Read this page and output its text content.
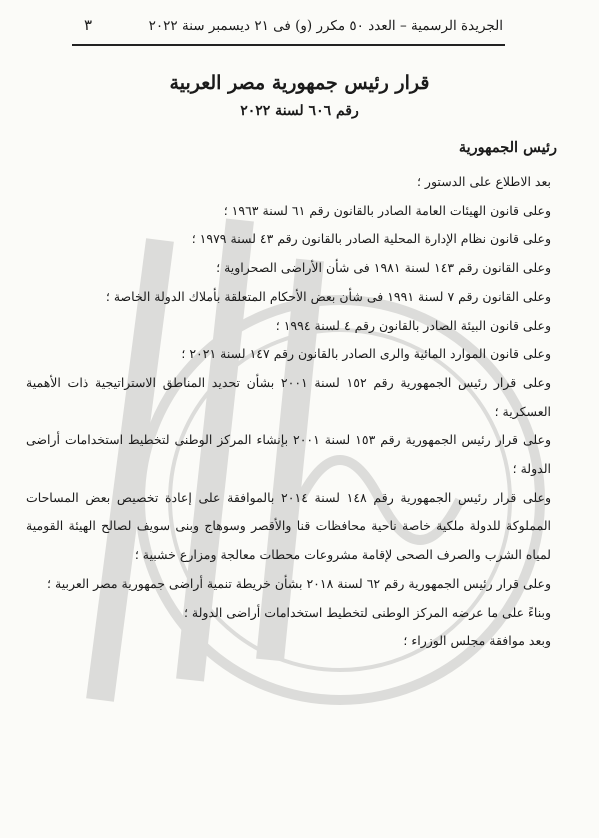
الجريدة الرسمية – العدد ٥٠ مكرر (و) فى ٢١ ديسمبر سنة ٢٠٢٢
٣
قرار رئيس جمهورية مصر العربية
رقم ٦٠٦ لسنة ٢٠٢٢
رئيس الجمهورية

بعد الاطلاع على الدستور ؛

وعلى قانون الهيئات العامة الصادر بالقانون رقم ٦١ لسنة ١٩٦٣ ؛

وعلى قانون نظام الإدارة المحلية الصادر بالقانون رقم ٤٣ لسنة ١٩٧٩ ؛

وعلى القانون رقم ١٤٣ لسنة ١٩٨١ فى شأن الأراضى الصحراوية ؛

وعلى القانون رقم ٧ لسنة ١٩٩١ فى شأن بعض الأحكام المتعلقة بأملاك الدولة الخاصة ؛

وعلى قانون البيئة الصادر بالقانون رقم ٤ لسنة ١٩٩٤ ؛

وعلى قانون الموارد المائية والرى الصادر بالقانون رقم ١٤٧ لسنة ٢٠٢١ ؛

وعلى قرار رئيس الجمهورية رقم ١٥٢ لسنة ٢٠٠١ بشأن تحديد المناطق الاستراتيجية ذات الأهمية العسكرية ؛

وعلى قرار رئيس الجمهورية رقم ١٥٣ لسنة ٢٠٠١ بإنشاء المركز الوطنى لتخطيط استخدامات أراضى الدولة ؛

وعلى قرار رئيس الجمهورية رقم ١٤٨ لسنة ٢٠١٤ بالموافقة على إعادة تخصيص بعض المساحات المملوكة للدولة ملكية خاصة ناحية محافظات قنا والأقصر وسوهاج وبنى سويف لصالح الهيئة القومية لمياه الشرب والصرف الصحى لإقامة مشروعات محطات معالجة ومزارع خشبية ؛

وعلى قرار رئيس الجمهورية رقم ٦٢ لسنة ٢٠١٨ بشأن خريطة تنمية أراضى جمهورية مصر العربية ؛

وبناءً على ما عرضه المركز الوطنى لتخطيط استخدامات أراضى الدولة ؛

وبعد موافقة مجلس الوزراء ؛
